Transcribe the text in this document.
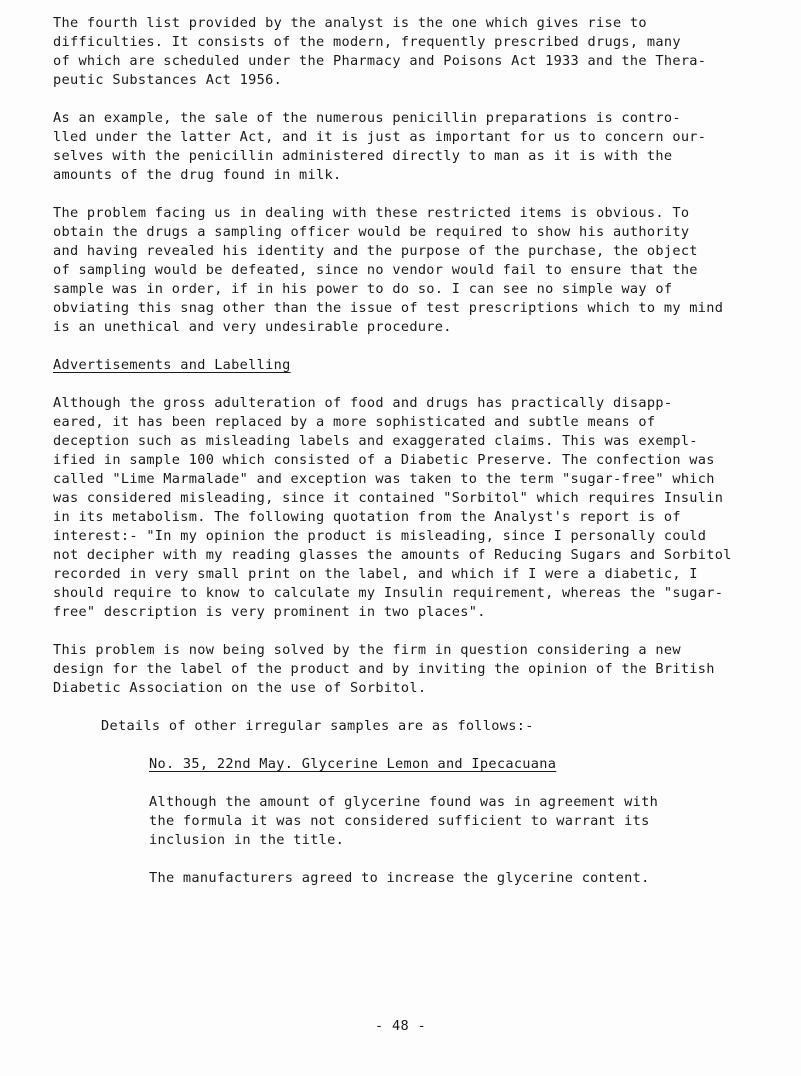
The fourth list provided by the analyst is the one which gives rise to
difficulties. It consists of the modern, frequently prescribed drugs, many
of which are scheduled under the Pharmacy and Poisons Act 1933 and the Thera-
peutic Substances Act 1956.
As an example, the sale of the numerous penicillin preparations is contro-
lled under the latter Act, and it is just as important for us to concern our-
selves with the penicillin administered directly to man as it is with the
amounts of the drug found in milk.
The problem facing us in dealing with these restricted items is obvious. To
obtain the drugs a sampling officer would be required to show his authority
and having revealed his identity and the purpose of the purchase, the object
of sampling would be defeated, since no vendor would fail to ensure that the
sample was in order, if in his power to do so. I can see no simple way of
obviating this snag other than the issue of test prescriptions which to my mind
is an unethical and very undesirable procedure.
Advertisements and Labelling
Although the gross adulteration of food and drugs has practically disapp-
eared, it has been replaced by a more sophisticated and subtle means of
deception such as misleading labels and exaggerated claims. This was exempl-
ified in sample 100 which consisted of a Diabetic Preserve. The confection was
called "Lime Marmalade" and exception was taken to the term "sugar-free" which
was considered misleading, since it contained "Sorbitol" which requires Insulin
in its metabolism. The following quotation from the Analyst's report is of
interest:- "In my opinion the product is misleading, since I personally could
not decipher with my reading glasses the amounts of Reducing Sugars and Sorbitol
recorded in very small print on the label, and which if I were a diabetic, I
should require to know to calculate my Insulin requirement, whereas the "sugar-
free" description is very prominent in two places".
This problem is now being solved by the firm in question considering a new
design for the label of the product and by inviting the opinion of the British
Diabetic Association on the use of Sorbitol.
Details of other irregular samples are as follows:-
No. 35, 22nd May. Glycerine Lemon and Ipecacuana
Although the amount of glycerine found was in agreement with
the formula it was not considered sufficient to warrant its
inclusion in the title.
The manufacturers agreed to increase the glycerine content.
- 48 -
